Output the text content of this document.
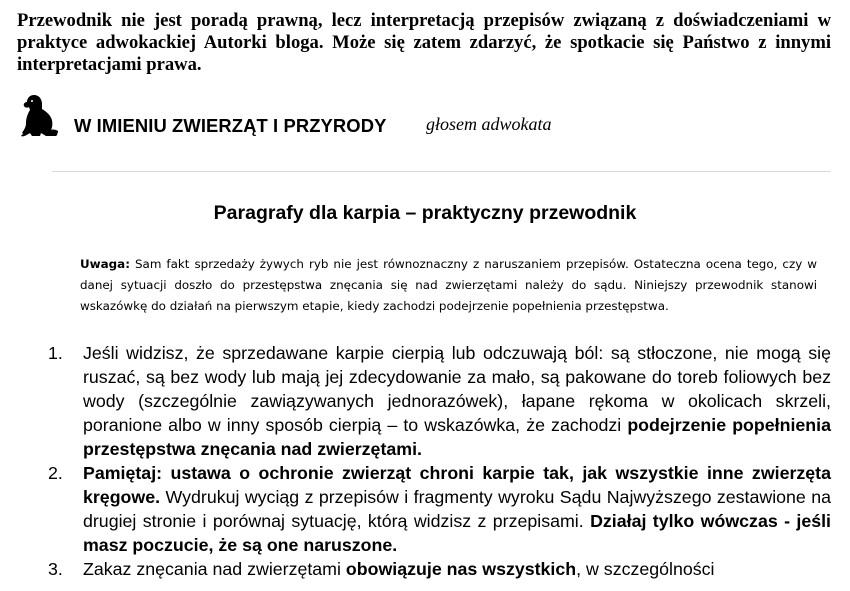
Przewodnik nie jest poradą prawną, lecz interpretacją przepisów związaną z doświadczeniami w praktyce adwokackiej Autorki bloga. Może się zatem zdarzyć, że spotkacie się Państwo z innymi interpretacjami prawa.
W IMIENIU ZWIERZĄT I PRZYRODY głosem adwokata
Paragrafy dla karpia – praktyczny przewodnik
Uwaga: Sam fakt sprzedaży żywych ryb nie jest równoznaczny z naruszaniem przepisów. Ostateczna ocena tego, czy w danej sytuacji doszło do przestępstwa znęcania się nad zwierzętami należy do sądu. Niniejszy przewodnik stanowi wskazówkę do działań na pierwszym etapie, kiedy zachodzi podejrzenie popełnienia przestępstwa.
1. Jeśli widzisz, że sprzedawane karpie cierpią lub odczuwają ból: są stłoczone, nie mogą się ruszać, są bez wody lub mają jej zdecydowanie za mało, są pakowane do toreb foliowych bez wody (szczególnie zawiązywanych jednorazówek), łapane rękoma w okolicach skrzeli, poranione albo w inny sposób cierpią – to wskazówka, że zachodzi podejrzenie popełnienia przestępstwa znęcania nad zwierzętami.
2. Pamiętaj: ustawa o ochronie zwierząt chroni karpie tak, jak wszystkie inne zwierzęta kręgowe. Wydrukuj wyciąg z przepisów i fragmenty wyroku Sądu Najwyższego zestawione na drugiej stronie i porównaj sytuację, którą widzisz z przepisami. Działaj tylko wówczas - jeśli masz poczucie, że są one naruszone.
3. Zakaz znęcania nad zwierzętami obowiązuje nas wszystkich, w szczególności
